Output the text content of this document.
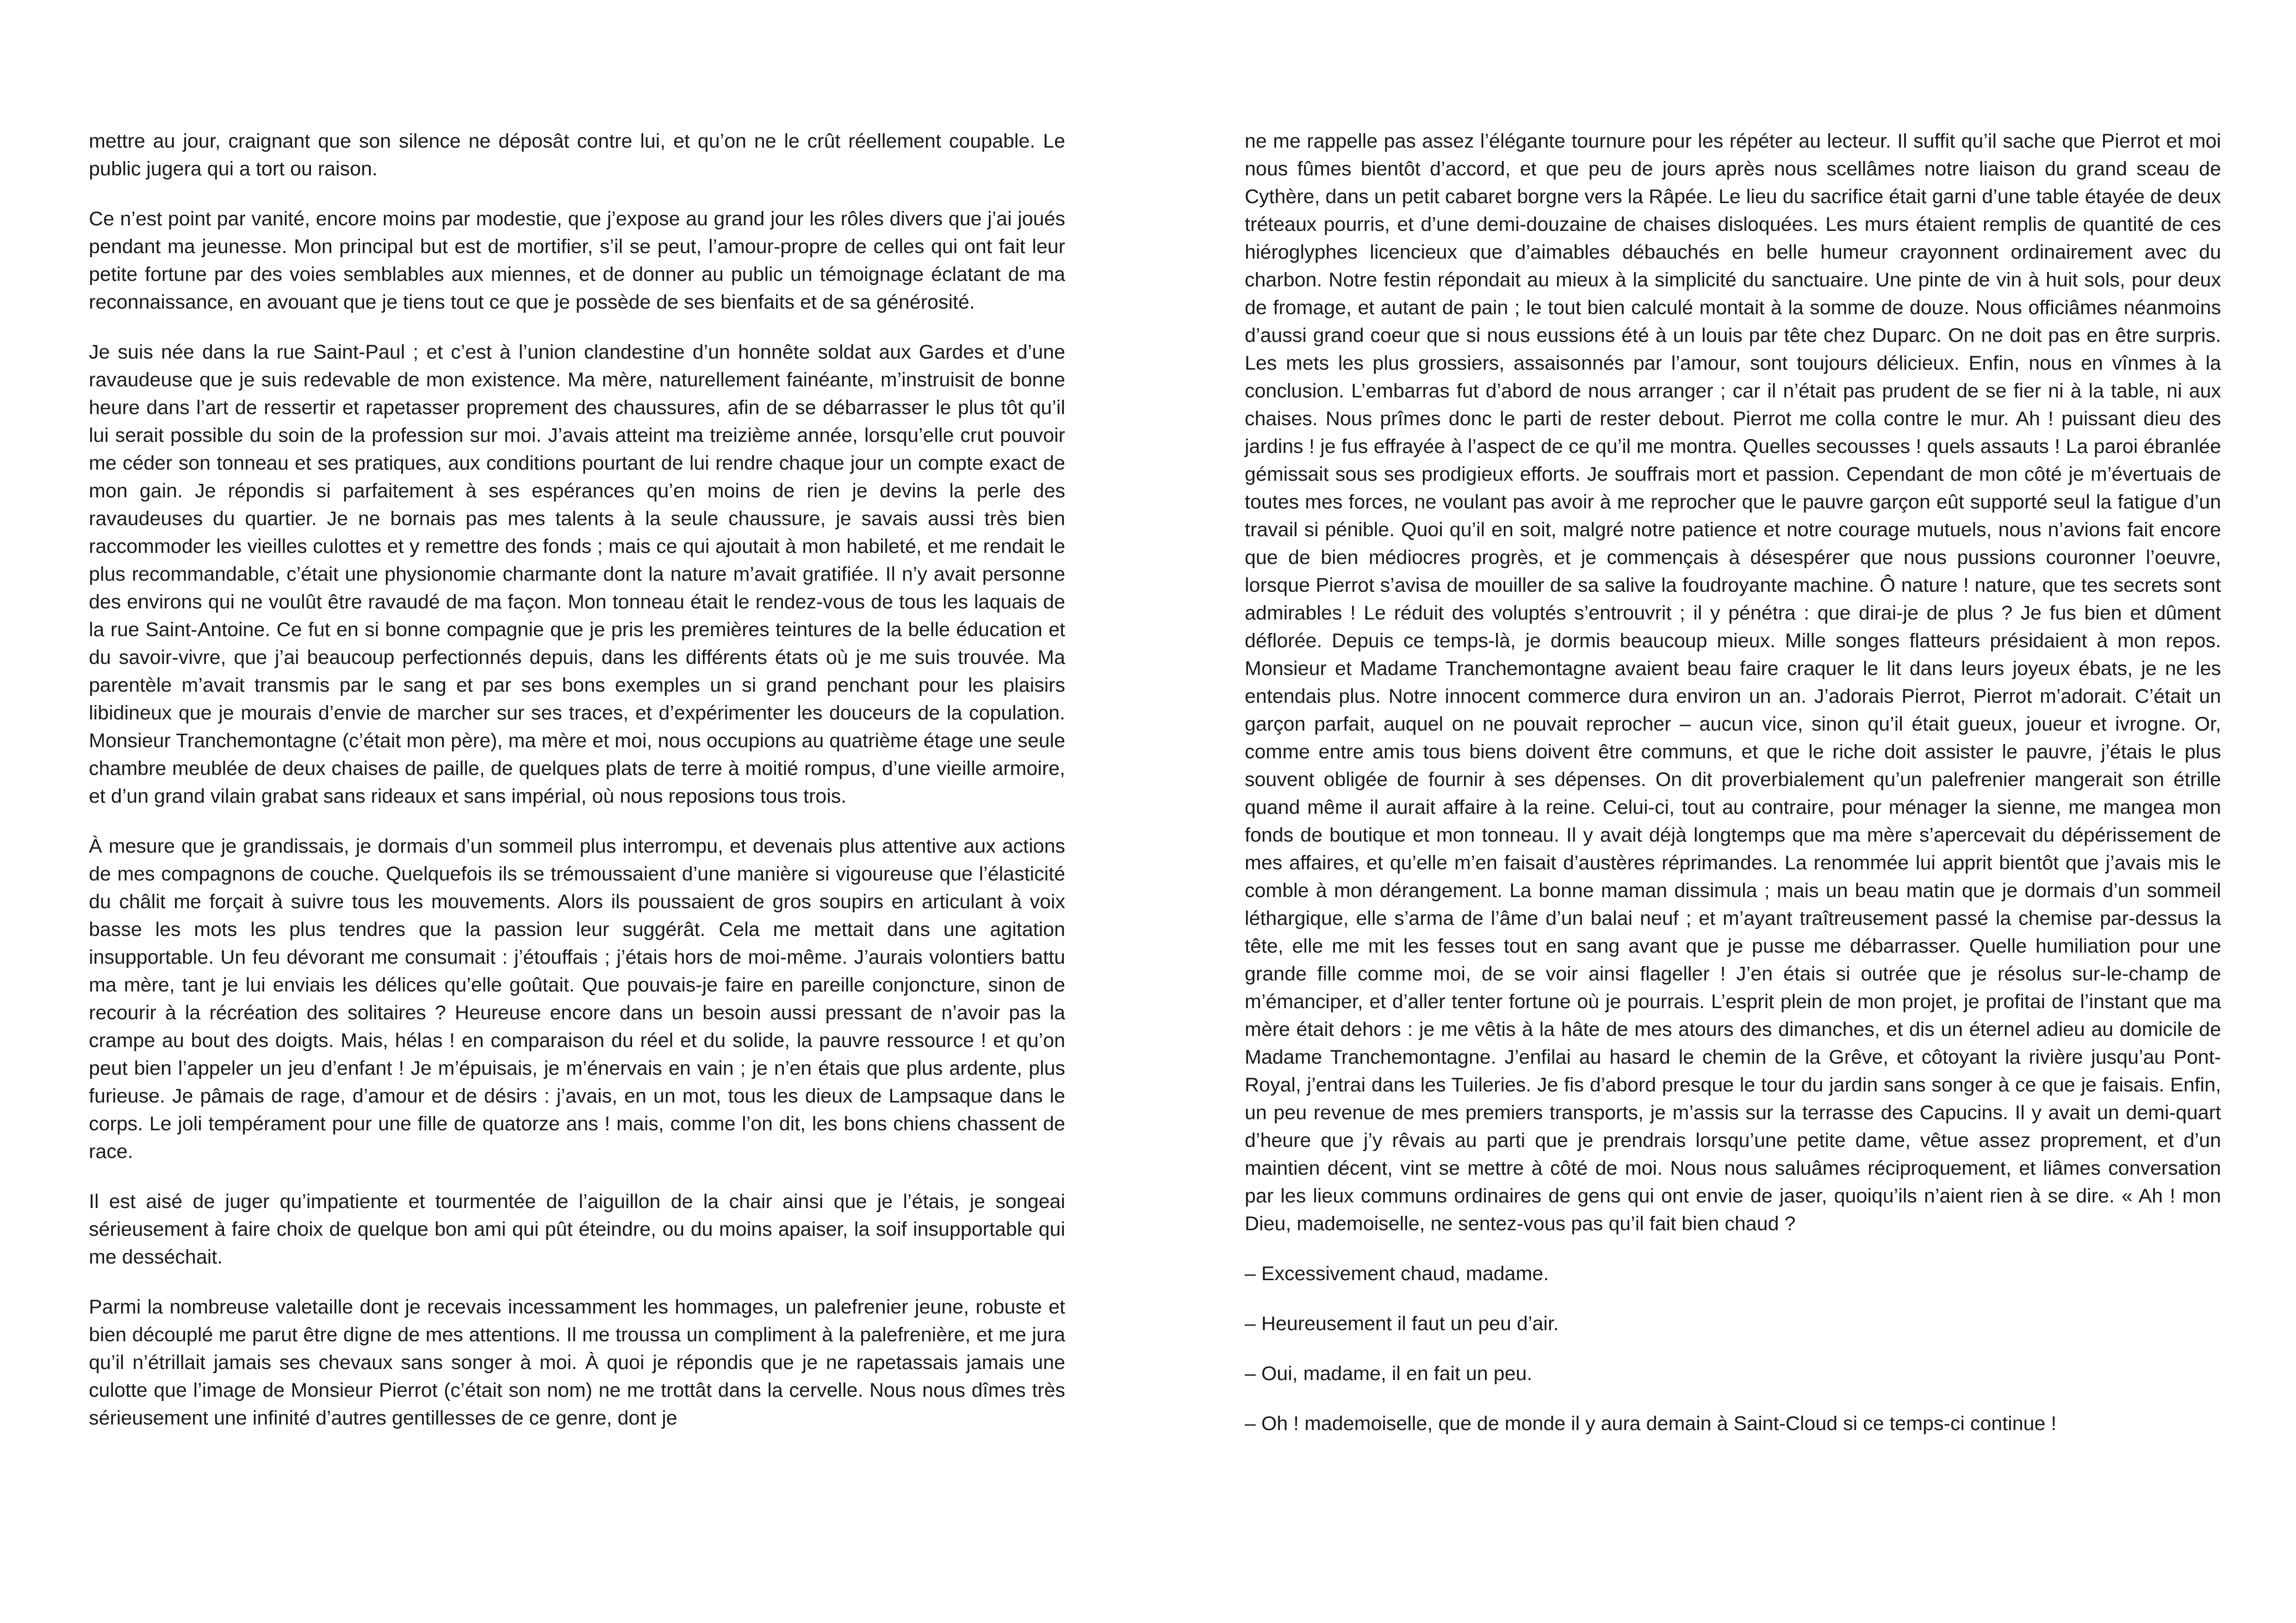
mettre au jour, craignant que son silence ne déposât contre lui, et qu’on ne le crût réellement coupable. Le public jugera qui a tort ou raison.

Ce n’est point par vanité, encore moins par modestie, que j’expose au grand jour les rôles divers que j’ai joués pendant ma jeunesse. Mon principal but est de mortifier, s’il se peut, l’amour-propre de celles qui ont fait leur petite fortune par des voies semblables aux miennes, et de donner au public un témoignage éclatant de ma reconnaissance, en avouant que je tiens tout ce que je possède de ses bienfaits et de sa générosité.

Je suis née dans la rue Saint-Paul ; et c’est à l’union clandestine d’un honnête soldat aux Gardes et d’une ravaudeuse que je suis redevable de mon existence. Ma mère, naturellement fainéante, m’instruisit de bonne heure dans l’art de ressertir et rapetasser proprement des chaussures, afin de se débarrasser le plus tôt qu’il lui serait possible du soin de la profession sur moi. J’avais atteint ma treizième année, lorsqu’elle crut pouvoir me céder son tonneau et ses pratiques, aux conditions pourtant de lui rendre chaque jour un compte exact de mon gain. Je répondis si parfaitement à ses espérances qu’en moins de rien je devins la perle des ravaudeuses du quartier. Je ne bornais pas mes talents à la seule chaussure, je savais aussi très bien raccommoder les vieilles culottes et y remettre des fonds ; mais ce qui ajoutait à mon habileté, et me rendait le plus recommandable, c’était une physionomie charmante dont la nature m’avait gratifiée. Il n’y avait personne des environs qui ne voulût être ravaudé de ma façon. Mon tonneau était le rendez-vous de tous les laquais de la rue Saint-Antoine. Ce fut en si bonne compagnie que je pris les premières teintures de la belle éducation et du savoir-vivre, que j’ai beaucoup perfectionnés depuis, dans les différents états où je me suis trouvée. Ma parentèle m’avait transmis par le sang et par ses bons exemples un si grand penchant pour les plaisirs libidineux que je mourais d’envie de marcher sur ses traces, et d’expérimenter les douceurs de la copulation. Monsieur Tranchemontagne (c’était mon père), ma mère et moi, nous occupions au quatrième étage une seule chambre meublée de deux chaises de paille, de quelques plats de terre à moitié rompus, d’une vieille armoire, et d’un grand vilain grabat sans rideaux et sans impérial, où nous reposions tous trois.

À mesure que je grandissais, je dormais d’un sommeil plus interrompu, et devenais plus attentive aux actions de mes compagnons de couche. Quelquefois ils se trémoussaient d’une manière si vigoureuse que l’élasticité du châlit me forçait à suivre tous les mouvements. Alors ils poussaient de gros soupirs en articulant à voix basse les mots les plus tendres que la passion leur suggérât. Cela me mettait dans une agitation insupportable. Un feu dévorant me consumait : j’étouffais ; j’étais hors de moi-même. J’aurais volontiers battu ma mère, tant je lui enviais les délices qu’elle goûtait. Que pouvais-je faire en pareille conjoncture, sinon de recourir à la récréation des solitaires ? Heureuse encore dans un besoin aussi pressant de n’avoir pas la crampe au bout des doigts. Mais, hélas ! en comparaison du réel et du solide, la pauvre ressource ! et qu’on peut bien l’appeler un jeu d’enfant ! Je m’épuisais, je m’énervais en vain ; je n’en étais que plus ardente, plus furieuse. Je pâmais de rage, d’amour et de désirs : j’avais, en un mot, tous les dieux de Lampsaque dans le corps. Le joli tempérament pour une fille de quatorze ans ! mais, comme l’on dit, les bons chiens chassent de race.

Il est aisé de juger qu’impatiente et tourmentée de l’aiguillon de la chair ainsi que je l’étais, je songeai sérieusement à faire choix de quelque bon ami qui pût éteindre, ou du moins apaiser, la soif insupportable qui me desséchait.

Parmi la nombreuse valetaille dont je recevais incessamment les hommages, un palefrenier jeune, robuste et bien découplé me parut être digne de mes attentions. Il me troussa un compliment à la palefrenière, et me jura qu’il n’étrillait jamais ses chevaux sans songer à moi. À quoi je répondis que je ne rapetassais jamais une culotte que l’image de Monsieur Pierrot (c’était son nom) ne me trottât dans la cervelle. Nous nous dîmes très sérieusement une infinité d’autres gentillesses de ce genre, dont je

ne me rappelle pas assez l’élégante tournure pour les répéter au lecteur. Il suffit qu’il sache que Pierrot et moi nous fûmes bientôt d’accord, et que peu de jours après nous scellâmes notre liaison du grand sceau de Cythère, dans un petit cabaret borgne vers la Râpée. Le lieu du sacrifice était garni d’une table étayée de deux tréteaux pourris, et d’une demi-douzaine de chaises disloquées. Les murs étaient remplis de quantité de ces hiéroglyphes licencieux que d’aimables débauchés en belle humeur crayonnent ordinairement avec du charbon. Notre festin répondait au mieux à la simplicité du sanctuaire. Une pinte de vin à huit sols, pour deux de fromage, et autant de pain ; le tout bien calculé montait à la somme de douze. Nous officiâmes néanmoins d’aussi grand coeur que si nous eussions été à un louis par tête chez Duparc. On ne doit pas en être surpris. Les mets les plus grossiers, assaisonnés par l’amour, sont toujours délicieux. Enfin, nous en vînmes à la conclusion. L’embarras fut d’abord de nous arranger ; car il n’était pas prudent de se fier ni à la table, ni aux chaises. Nous prîmes donc le parti de rester debout. Pierrot me colla contre le mur. Ah ! puissant dieu des jardins ! je fus effrayée à l’aspect de ce qu’il me montra. Quelles secousses ! quels assauts ! La paroi ébranlée gémissait sous ses prodigieux efforts. Je souffrais mort et passion. Cependant de mon côté je m’évertuais de toutes mes forces, ne voulant pas avoir à me reprocher que le pauvre garçon eût supporté seul la fatigue d’un travail si pénible. Quoi qu’il en soit, malgré notre patience et notre courage mutuels, nous n’avions fait encore que de bien médiocres progrès, et je commençais à désespérer que nous pussions couronner l’oeuvre, lorsque Pierrot s’avisa de mouiller de sa salive la foudroyante machine. Ô nature ! nature, que tes secrets sont admirables ! Le réduit des voluptés s’entrouvrit ; il y pénétra : que dirai-je de plus ? Je fus bien et dûment déflorée. Depuis ce temps-là, je dormis beaucoup mieux. Mille songes flatteurs présidaient à mon repos. Monsieur et Madame Tranchemontagne avaient beau faire craquer le lit dans leurs joyeux ébats, je ne les entendais plus. Notre innocent commerce dura environ un an. J’adorais Pierrot, Pierrot m’adorait. C’était un garçon parfait, auquel on ne pouvait reprocher – aucun vice, sinon qu’il était gueux, joueur et ivrogne. Or, comme entre amis tous biens doivent être communs, et que le riche doit assister le pauvre, j’étais le plus souvent obligée de fournir à ses dépenses. On dit proverbialement qu’un palefrenier mangerait son étrille quand même il aurait affaire à la reine. Celui-ci, tout au contraire, pour ménager la sienne, me mangea mon fonds de boutique et mon tonneau. Il y avait déjà longtemps que ma mère s’apercevait du dépérissement de mes affaires, et qu’elle m’en faisait d’austères réprimandes. La renommée lui apprit bientôt que j’avais mis le comble à mon dérangement. La bonne maman dissimula ; mais un beau matin que je dormais d’un sommeil léthargique, elle s’arma de l’âme d’un balai neuf ; et m’ayant traîtreusement passé la chemise par-dessus la tête, elle me mit les fesses tout en sang avant que je pusse me débarrasser. Quelle humiliation pour une grande fille comme moi, de se voir ainsi flageller ! J’en étais si outrée que je résolus sur-le-champ de m’émanciper, et d’aller tenter fortune où je pourrais. L’esprit plein de mon projet, je profitai de l’instant que ma mère était dehors : je me vêtis à la hâte de mes atours des dimanches, et dis un éternel adieu au domicile de Madame Tranchemontagne. J’enfilai au hasard le chemin de la Grêve, et côtoyant la rivière jusqu’au Pont-Royal, j’entrai dans les Tuileries. Je fis d’abord presque le tour du jardin sans songer à ce que je faisais. Enfin, un peu revenue de mes premiers transports, je m’assis sur la terrasse des Capucins. Il y avait un demi-quart d’heure que j’y rêvais au parti que je prendrais lorsqu’une petite dame, vêtue assez proprement, et d’un maintien décent, vint se mettre à côté de moi. Nous nous saluâmes réciproquement, et liâmes conversation par les lieux communs ordinaires de gens qui ont envie de jaser, quoiqu’ils n’aient rien à se dire. « Ah ! mon Dieu, mademoiselle, ne sentez-vous pas qu’il fait bien chaud ?

– Excessivement chaud, madame.

– Heureusement il faut un peu d’air.

– Oui, madame, il en fait un peu.

– Oh ! mademoiselle, que de monde il y aura demain à Saint-Cloud si ce temps-ci continue !
